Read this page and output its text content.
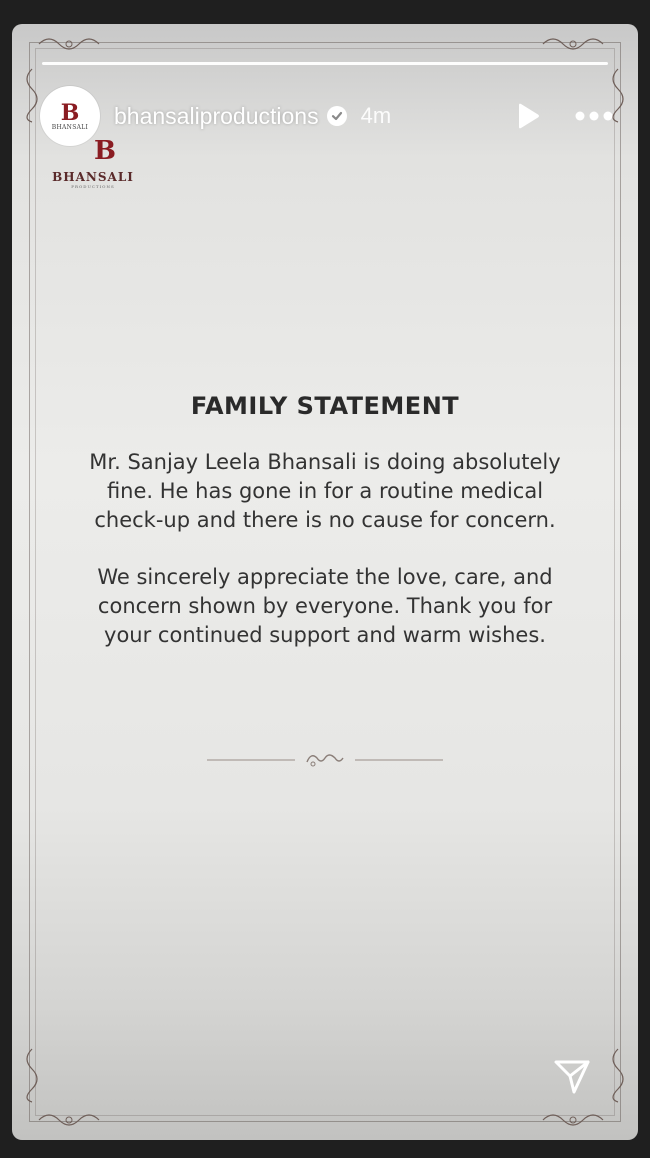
B
BHANSALI bhansaliproductions 4m
B
BHANSALI
PRODUCTIONS
FAMILY STATEMENT

Mr. Sanjay Leela Bhansali is doing absolutely fine. He has gone in for a routine medical check-up and there is no cause for concern.

We sincerely appreciate the love, care, and concern shown by everyone. Thank you for your continued support and warm wishes.
